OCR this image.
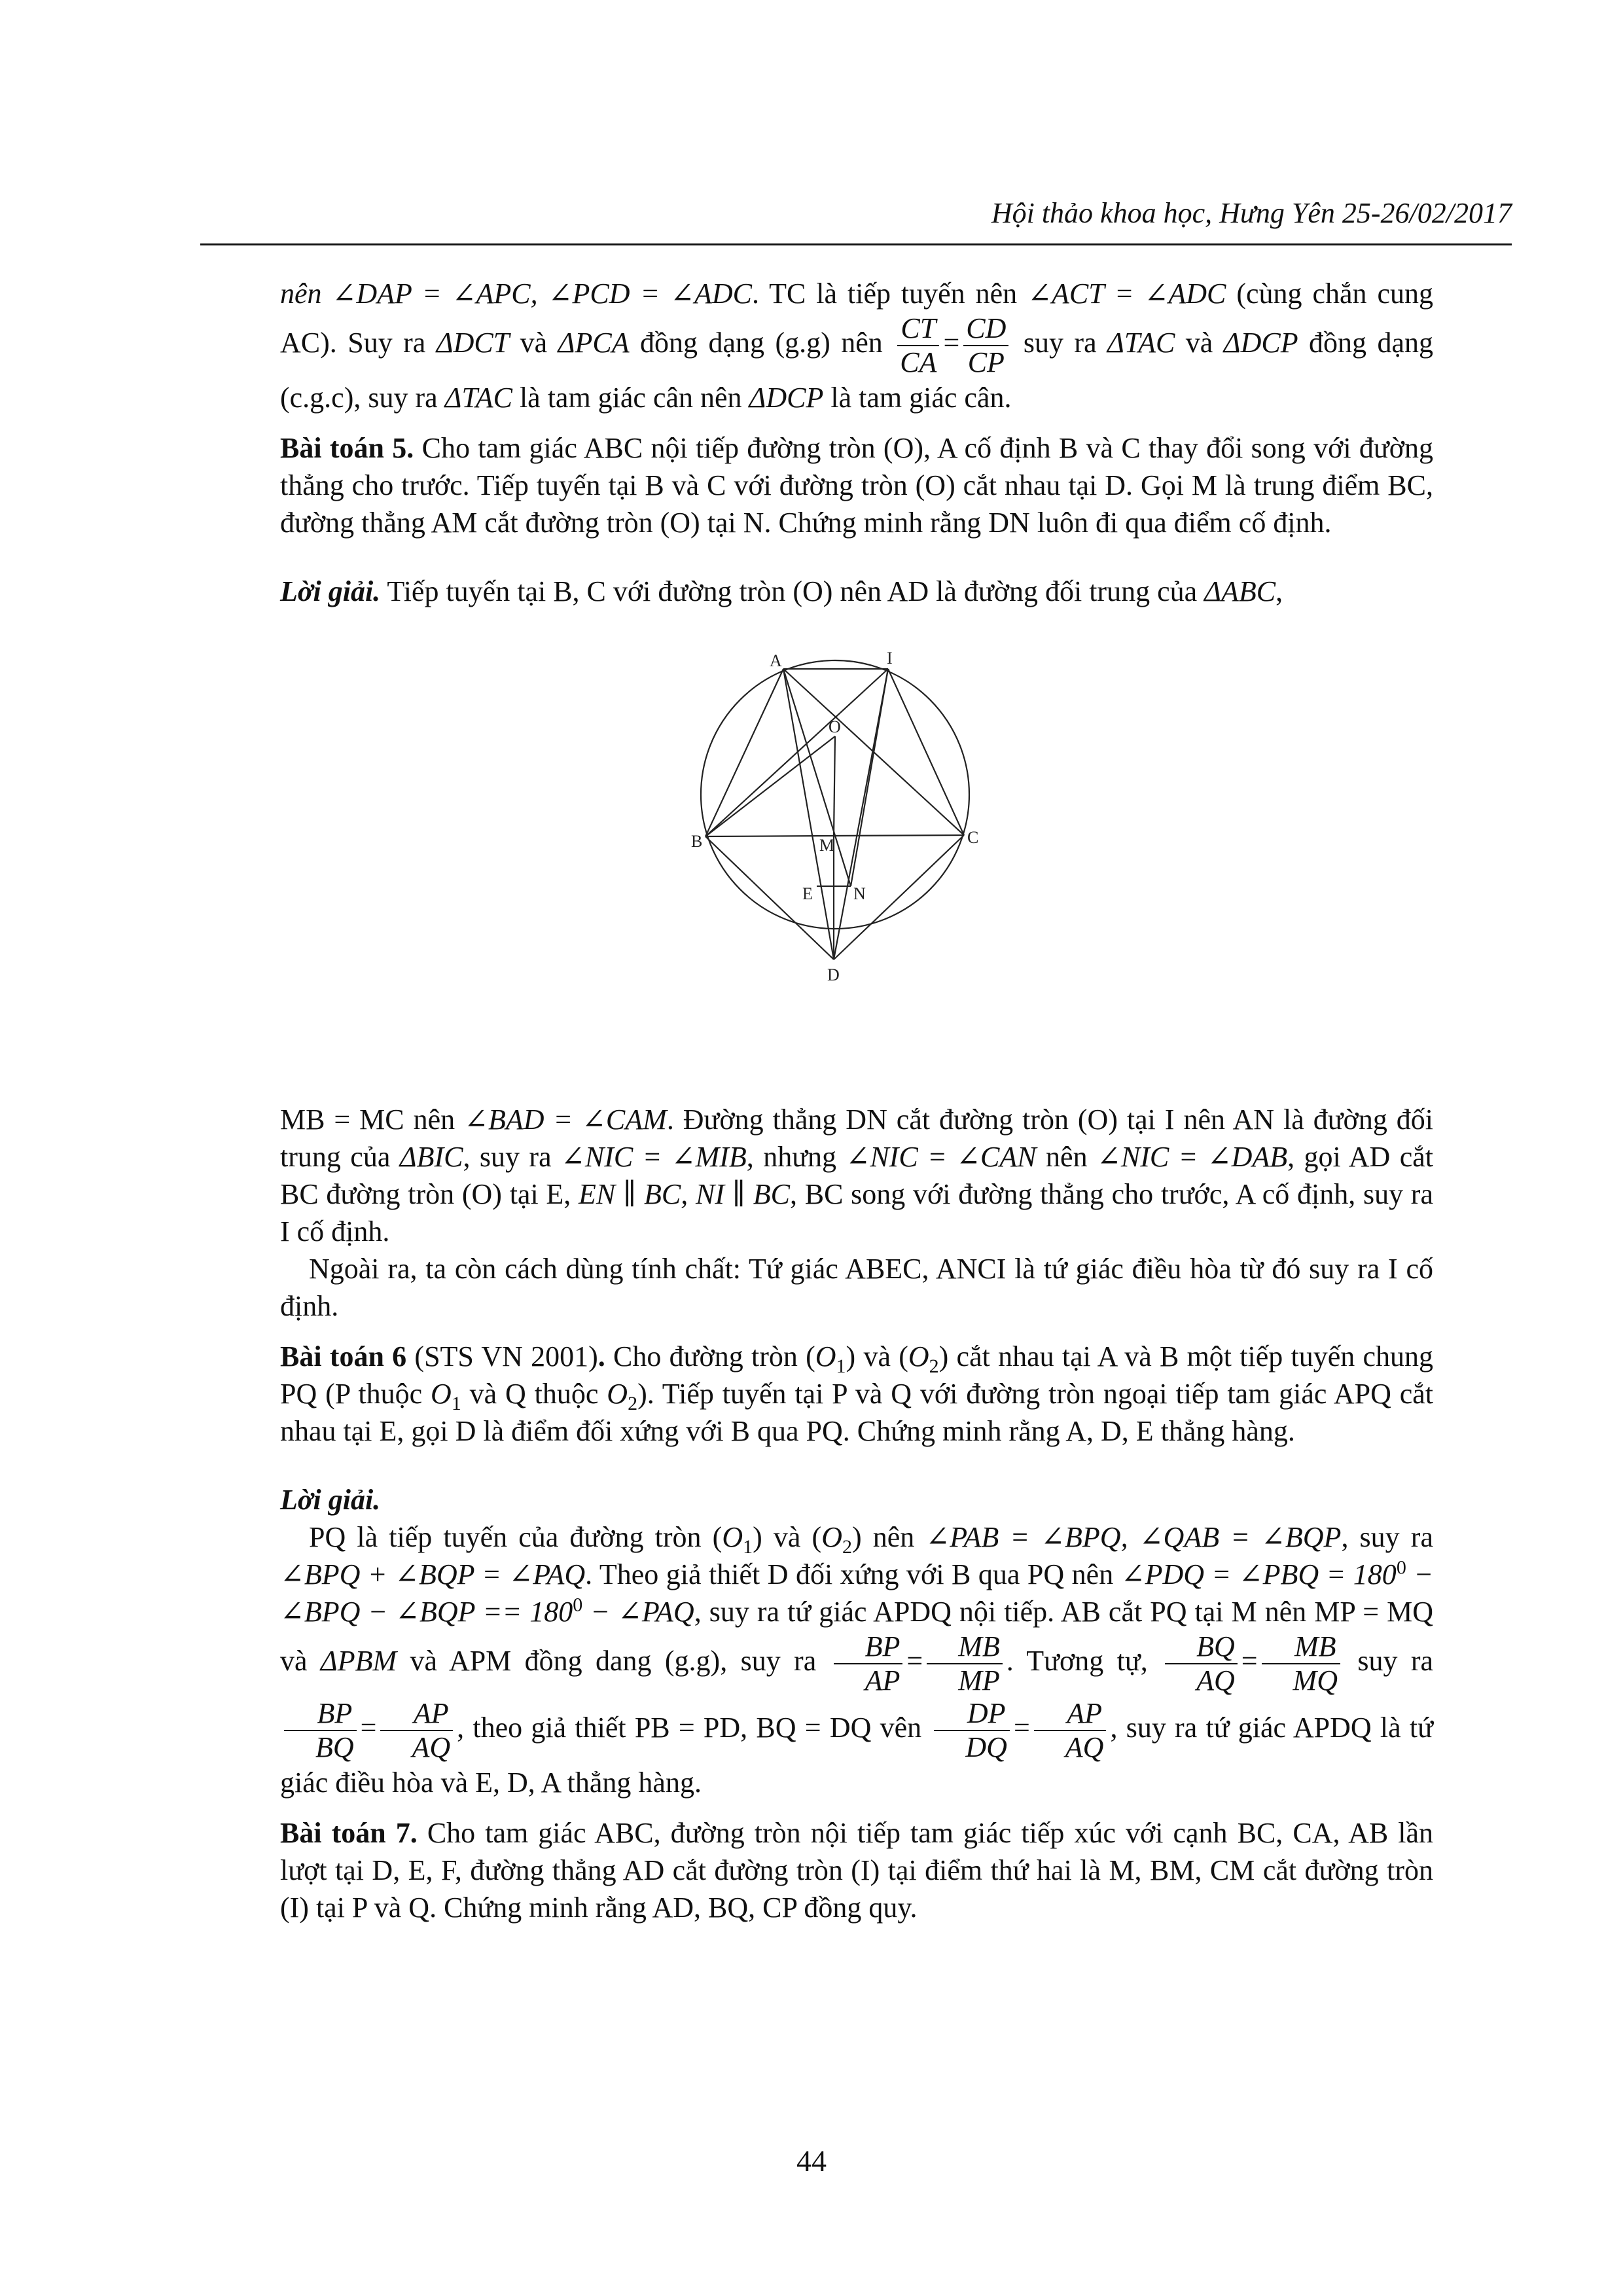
Hội thảo khoa học, Hưng Yên 25-26/02/2017

nên ∠DAP = ∠APC, ∠PCD = ∠ADC. TC là tiếp tuyến nên ∠ACT = ∠ADC (cùng chắn cung AC). Suy ra ΔDCT và ΔPCA đồng dạng (g.g) nên $\frac{CT}{CA} = \frac{CD}{CP}$ suy ra ΔTAC và ΔDCP đồng dạng (c.g.c), suy ra ΔTAC là tam giác cân nên ΔDCP là tam giác cân.

Bài toán 5. Cho tam giác ABC nội tiếp đường tròn (O), A cố định B và C thay đổi song với đường thẳng cho trước. Tiếp tuyến tại B và C với đường tròn (O) cắt nhau tại D. Gọi M là trung điểm BC, đường thẳng AM cắt đường tròn (O) tại N. Chứng minh rằng DN luôn đi qua điểm cố định.

Lời giải. Tiếp tuyến tại B, C với đường tròn (O) nên AD là đường đối trung của ΔABC,

A	I
O
B	C
M
E N
D

MB = MC nên ∠BAD = ∠CAM. Đường thẳng DN cắt đường tròn (O) tại I nên AN là đường đối trung của ΔBIC, suy ra ∠NIC = ∠MIB, nhưng ∠NIC = ∠CAN nên ∠NIC = ∠DAB, gọi AD cắt BC đường tròn (O) tại E, EN ∥ BC, NI ∥ BC, BC song với đường thẳng cho trước, A cố định, suy ra I cố định.

Ngoài ra, ta còn cách dùng tính chất: Tứ giác ABEC, ANCI là tứ giác điều hòa từ đó suy ra I cố định.

Bài toán 6 (STS VN 2001). Cho đường tròn $(O_1)$ và $(O_2)$ cắt nhau tại A và B một tiếp tuyến chung PQ (P thuộc $O_1$ và Q thuộc $O_2$). Tiếp tuyến tại P và Q với đường tròn ngoại tiếp tam giác APQ cắt nhau tại E, gọi D là điểm đối xứng với B qua PQ. Chứng minh rằng A, D, E thẳng hàng.

Lời giải.

PQ là tiếp tuyến của đường tròn $(O_1)$ và $(O_2)$ nên ∠PAB = ∠BPQ, ∠QAB = ∠BQP, suy ra ∠BPQ + ∠BQP = ∠PAQ. Theo giả thiết D đối xứng với B qua PQ nên ∠PDQ = ∠PBQ = $180^0$ − ∠BPQ − ∠BQP == $180^0$ − ∠PAQ, suy ra tứ giác APDQ nội tiếp. AB cắt PQ tại M nên MP = MQ và ΔPBM và APM đồng dang (g.g), suy ra $\frac{BP}{AP} = \frac{MB}{MP}$ . Tương tự, $\frac{BQ}{AQ} = \frac{MB}{MQ}$ suy ra
$\frac{BP}{BQ} = \frac{AP}{AQ}$ , theo giả thiết PB = PD, BQ = DQ vên $\frac{DP}{DQ} = \frac{AP}{AQ}$ , suy ra tứ giác APDQ là tứ giác điều hòa và E, D, A thẳng hàng.

Bài toán 7. Cho tam giác ABC, đường tròn nội tiếp tam giác tiếp xúc với cạnh BC, CA, AB lần lượt tại D, E, F, đường thẳng AD cắt đường tròn (I) tại điểm thứ hai là M, BM, CM cắt đường tròn (I) tại P và Q. Chứng minh rằng AD, BQ, CP đồng quy.

44
